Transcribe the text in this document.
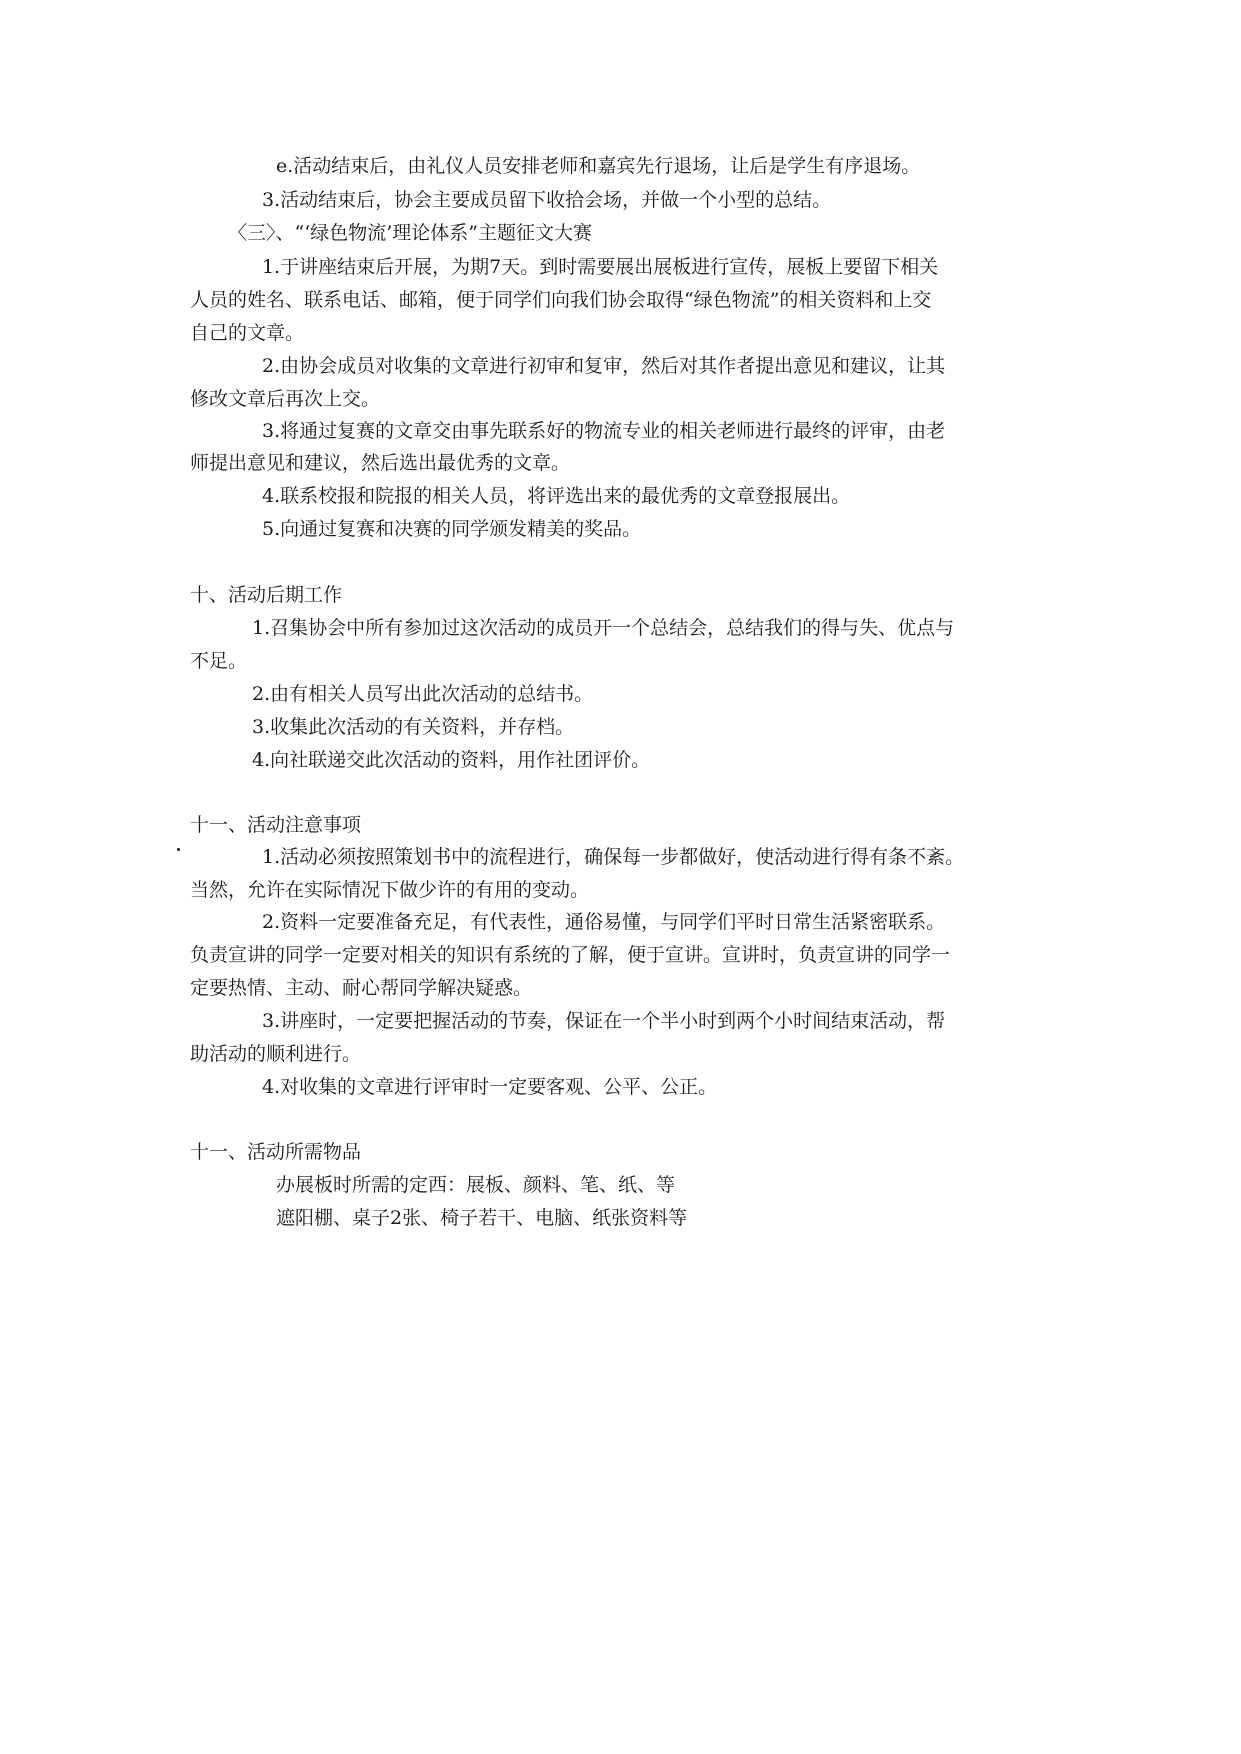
e.活动结束后，由礼仪人员安排老师和嘉宾先行退场，让后是学生有序退场。
3.活动结束后，协会主要成员留下收拾会场，并做一个小型的总结。
〈三〉、“‘绿色物流’理论体系”主题征文大赛
1.于讲座结束后开展，为期7天。到时需要展出展板进行宣传，展板上要留下相关
人员的姓名、联系电话、邮箱，便于同学们向我们协会取得“绿色物流”的相关资料和上交
自己的文章。
2.由协会成员对收集的文章进行初审和复审，然后对其作者提出意见和建议，让其
修改文章后再次上交。
3.将通过复赛的文章交由事先联系好的物流专业的相关老师进行最终的评审，由老
师提出意见和建议，然后选出最优秀的文章。
4.联系校报和院报的相关人员，将评选出来的最优秀的文章登报展出。
5.向通过复赛和决赛的同学颁发精美的奖品。
十、活动后期工作
1.召集协会中所有参加过这次活动的成员开一个总结会，总结我们的得与失、优点与
不足。
2.由有相关人员写出此次活动的总结书。
3.收集此次活动的有关资料，并存档。
4.向社联递交此次活动的资料，用作社团评价。
十一、活动注意事项
1.活动必须按照策划书中的流程进行，确保每一步都做好，使活动进行得有条不紊。
当然，允许在实际情况下做少许的有用的变动。
2.资料一定要准备充足，有代表性，通俗易懂，与同学们平时日常生活紧密联系。
负责宣讲的同学一定要对相关的知识有系统的了解，便于宣讲。宣讲时，负责宣讲的同学一
定要热情、主动、耐心帮同学解决疑惑。
3.讲座时，一定要把握活动的节奏，保证在一个半小时到两个小时间结束活动，帮
助活动的顺利进行。
4.对收集的文章进行评审时一定要客观、公平、公正。
十一、活动所需物品
办展板时所需的定西：展板、颜料、笔、纸、等
遮阳棚、桌子2张、椅子若干、电脑、纸张资料等
